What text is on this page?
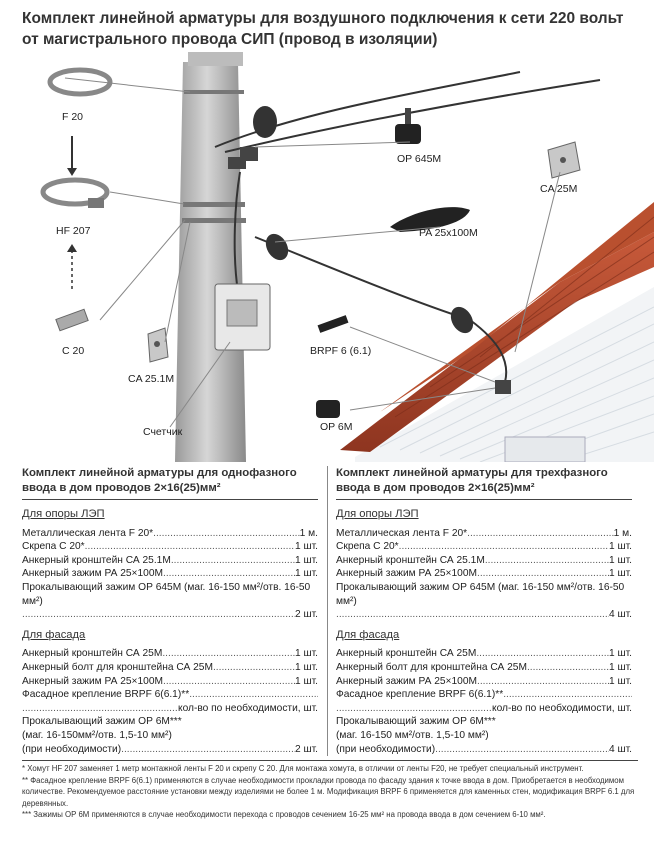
Комплект линейной арматуры для воздушного подключения к сети 220 вольт
от магистрального провода СИП (провод в изоляции)
F 20
HF 207
C 20
CA 25.1M
Счетчик
OP 645M
CA 25M
PA 25x100M
BRPF 6 (6.1)
OP 6M
Комплект линейной арматуры для однофазного
ввода в дом проводов 2×16(25)мм²
Для опоры ЛЭП
Металлическая лента F 20* .....	1 м.
Скрепа С 20* .....	1 шт.
Анкерный кронштейн СА 25.1М .....	1 шт.
Анкерный зажим РА 25×100М .....	1 шт.
Прокалывающий зажим ОР 645М (маг. 16-150 мм²/отв. 16-50 мм²)
.....
2 шт.
Для фасада
Анкерный кронштейн СА 25М .....	1 шт.
Анкерный болт для кронштейна СА 25М .....	1 шт.
Анкерный зажим РА 25×100М .....	1 шт.
Фасадное крепление BRPF 6(6.1)**
.....
.....
кол-во по необходимости, шт.
Прокалывающий зажим ОР 6М***
(маг. 16-150мм²/отв. 1,5-10 мм²)
(при необходимости) .....	2 шт.
Комплект линейной арматуры для трехфазного
ввода в дом проводов 2×16(25)мм²
Для опоры ЛЭП
Металлическая лента F 20* .....	1 м.
Скрепа С 20* .....	1 шт.
Анкерный кронштейн СА 25.1М .....	1 шт.
Анкерный зажим РА 25×100М .....	1 шт.
Прокалывающий зажим ОР 645М (маг. 16-150 мм²/отв. 16-50 мм²)
.....
4 шт.
Для фасада
Анкерный кронштейн СА 25М .....	1 шт.
Анкерный болт для кронштейна СА 25М .....	1 шт.
Анкерный зажим РА 25×100М .....	1 шт.
Фасадное крепление BRPF 6(6.1)**
.....
.....
кол-во по необходимости, шт.
Прокалывающий зажим ОР 6М***
(маг. 16-150 мм²/отв. 1,5-10 мм²)
(при необходимости) .....	4 шт.

* Хомут HF 207 заменяет 1 метр монтажной ленты F 20 и скрепу С 20. Для монтажа хомута, в отличии от ленты F20, не требует специальный инструмент.

** Фасадное крепление BRPF 6(6.1) применяются в случае необходимости прокладки провода по фасаду здания к точке ввода в дом. Приобретается в необходимом количестве. Рекомендуемое расстояние установки между изделиями не более 1 м. Модификация BRPF 6 применяется для каменных стен, модификация BRPF 6.1 для деревянных.

*** Зажимы ОР 6М применяются в случае необходимости перехода с проводов сечением 16-25 мм² на провода ввода в дом сечением 6-10 мм².
